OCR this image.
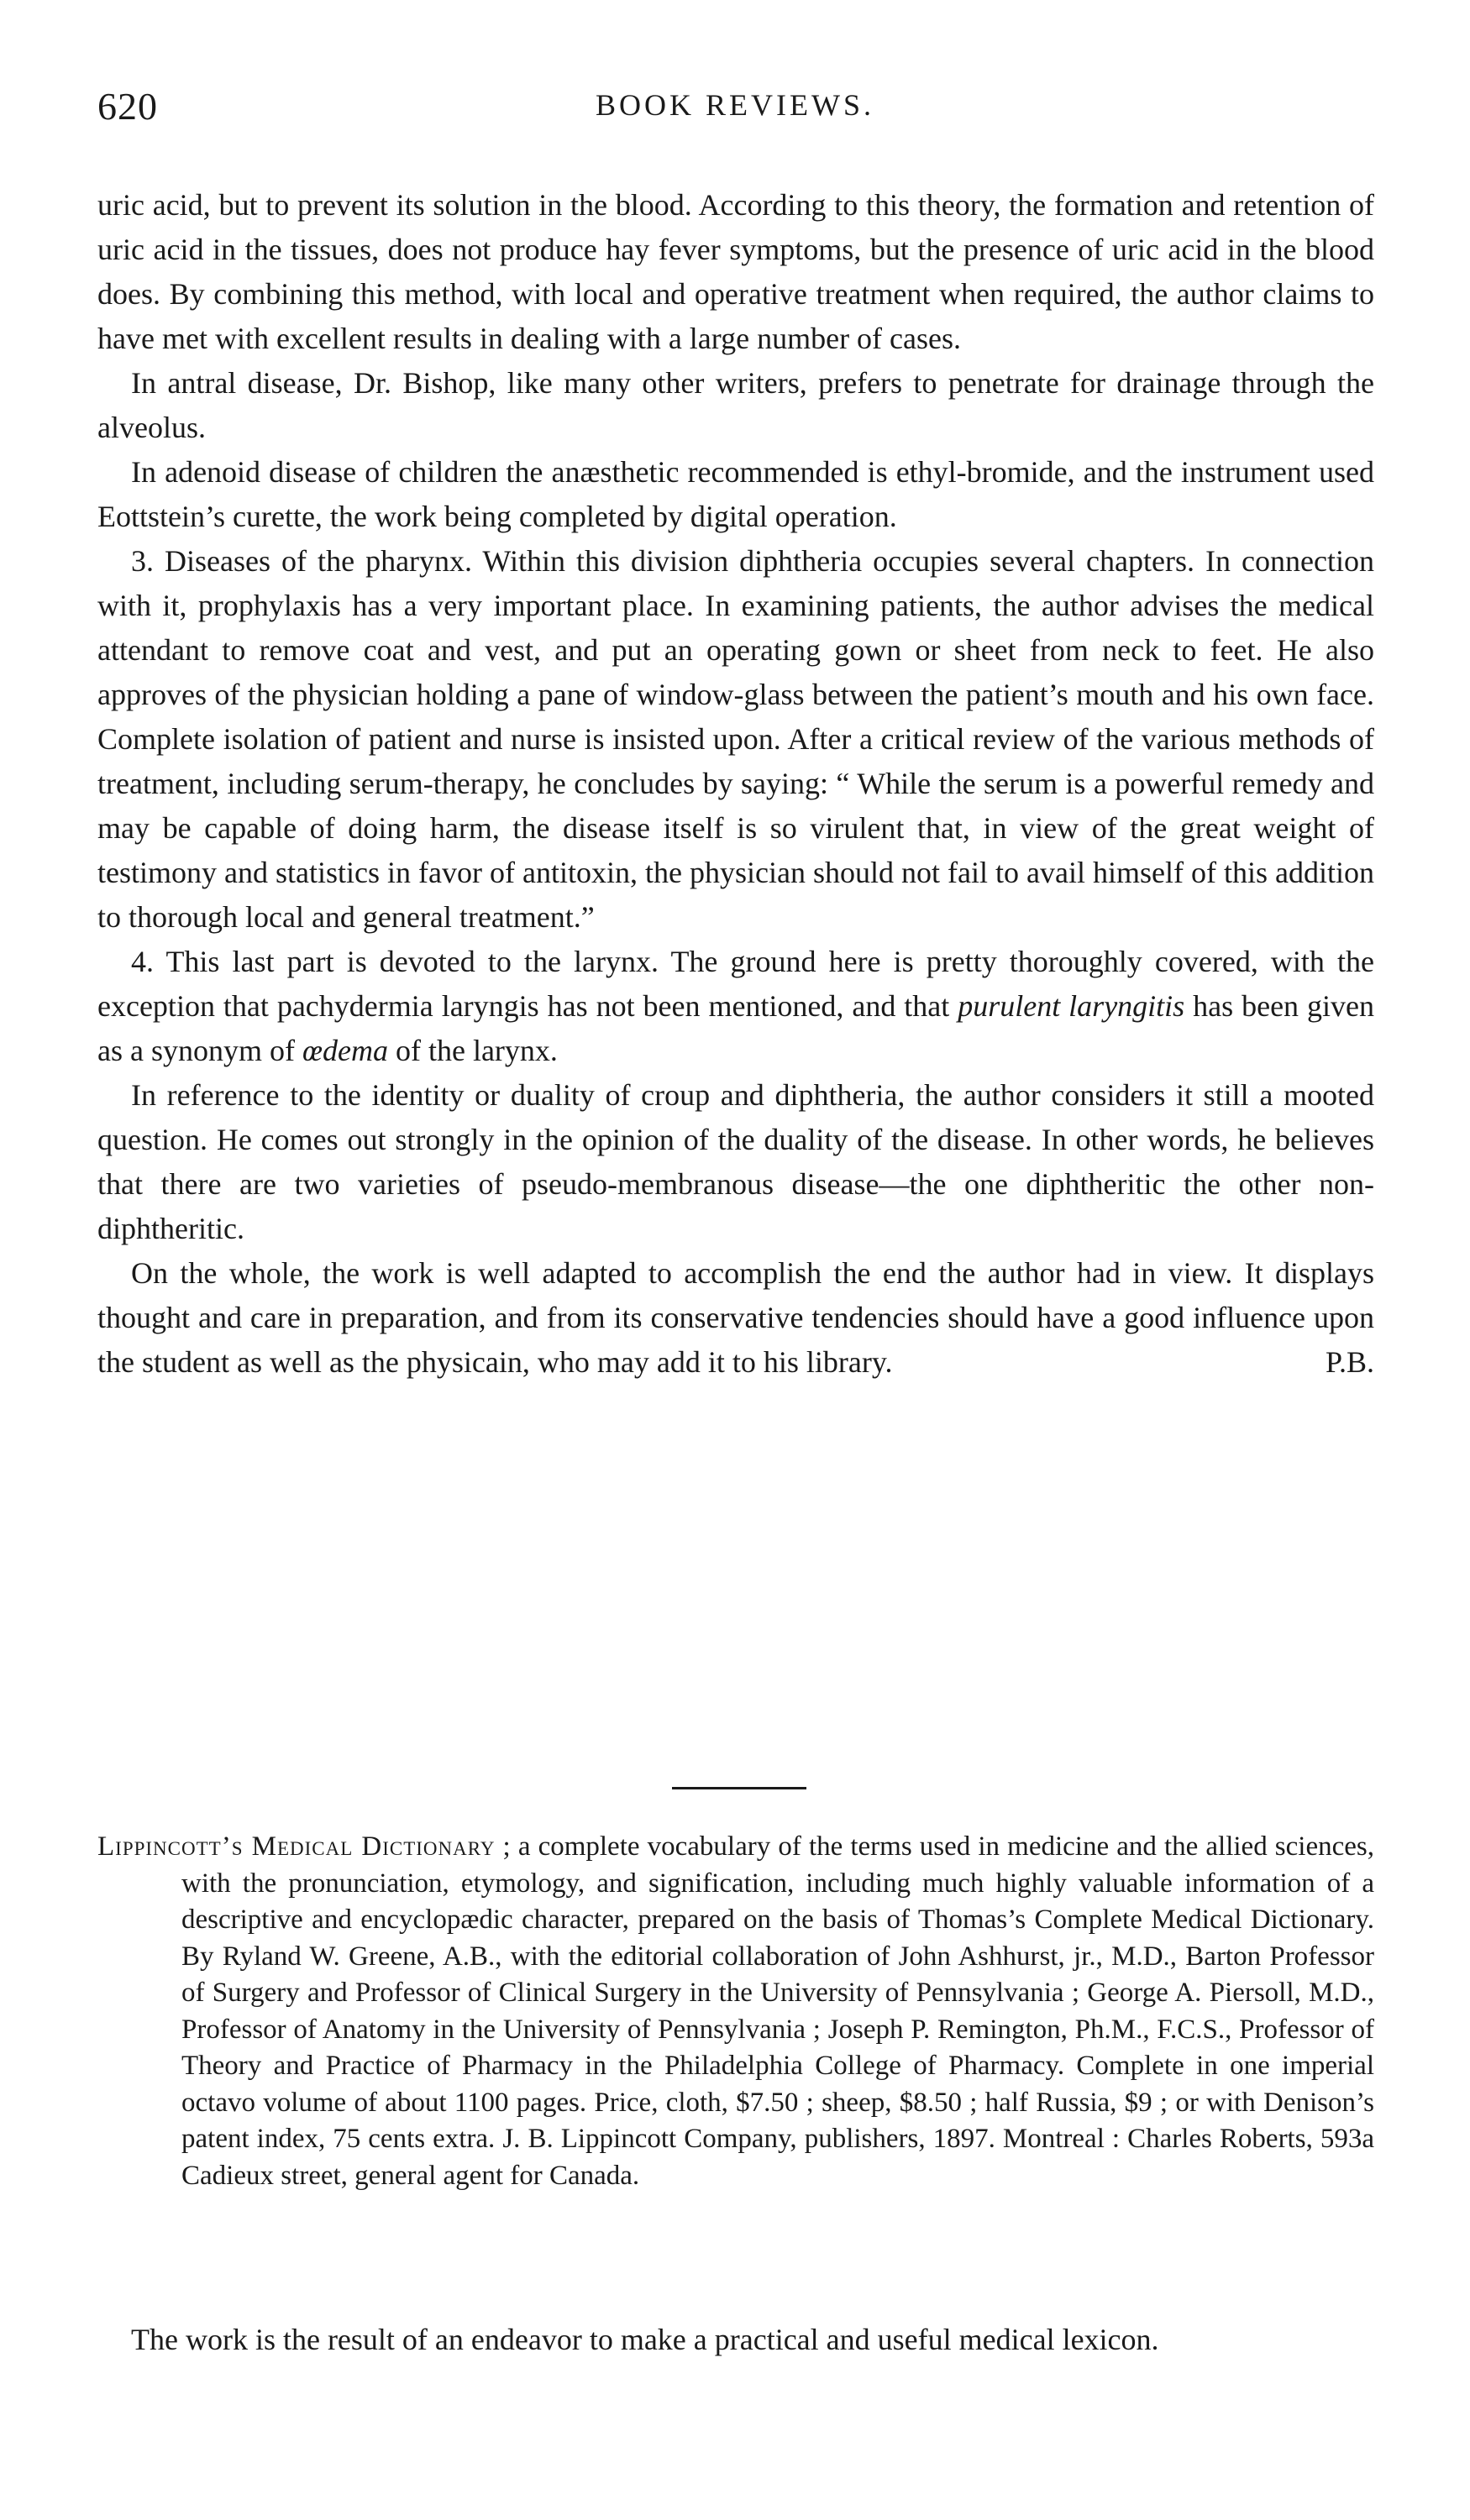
620	BOOK REVIEWS.

uric acid, but to prevent its solution in the blood. According to this theory, the formation and retention of uric acid in the tissues, does not produce hay fever symptoms, but the presence of uric acid in the blood does. By combining this method, with local and operative treatment when required, the author claims to have met with excellent results in dealing with a large number of cases.

In antral disease, Dr. Bishop, like many other writers, prefers to penetrate for drainage through the alveolus.

In adenoid disease of children the anæsthetic recommended is ethyl-bromide, and the instrument used Eottstein’s curette, the work being completed by digital operation.

3. Diseases of the pharynx. Within this division diphtheria occupies several chapters. In connection with it, prophylaxis has a very important place. In examining patients, the author advises the medical attendant to remove coat and vest, and put an operating gown or sheet from neck to feet. He also approves of the physician holding a pane of window-glass between the patient’s mouth and his own face. Complete isolation of patient and nurse is insisted upon. After a critical review of the various methods of treatment, including serum-therapy, he concludes by saying: “ While the serum is a powerful remedy and may be capable of doing harm, the disease itself is so virulent that, in view of the great weight of testimony and statistics in favor of antitoxin, the physician should not fail to avail himself of this addition to thorough local and general treatment.”

4. This last part is devoted to the larynx. The ground here is pretty thoroughly covered, with the exception that pachydermia laryngis has not been mentioned, and that purulent laryngitis has been given as a synonym of œdema of the larynx.

In reference to the identity or duality of croup and diphtheria, the author considers it still a mooted question. He comes out strongly in the opinion of the duality of the disease. In other words, he believes that there are two varieties of pseudo-membranous disease—the one diphtheritic the other non-diphtheritic.

On the whole, the work is well adapted to accomplish the end the author had in view. It displays thought and care in preparation, and from its conservative tendencies should have a good influence upon the student as well as the physicain, who may add it to his library.	P.B.

Lippincott’s Medical Dictionary ; a complete vocabulary of the terms used in medicine and the allied sciences, with the pronunciation, etymology, and signification, including much highly valuable information of a descriptive and encyclopædic character, prepared on the basis of Thomas’s Complete Medical Dictionary. By Ryland W. Greene, A.B., with the editorial collaboration of John Ashhurst, jr., M.D., Barton Professor of Surgery and Professor of Clinical Surgery in the University of Pennsylvania ; George A. Piersoll, M.D., Professor of Anatomy in the University of Pennsylvania ; Joseph P. Remington, Ph.M., F.C.S., Professor of Theory and Practice of Pharmacy in the Philadelphia College of Pharmacy. Complete in one imperial octavo volume of about 1100 pages. Price, cloth, $7.50 ; sheep, $8.50 ; half Russia, $9 ; or with Denison’s patent index, 75 cents extra. J. B. Lippincott Company, publishers, 1897. Montreal : Charles Roberts, 593a Cadieux street, general agent for Canada.
The work is the result of an endeavor to make a practical and useful medical lexicon.
